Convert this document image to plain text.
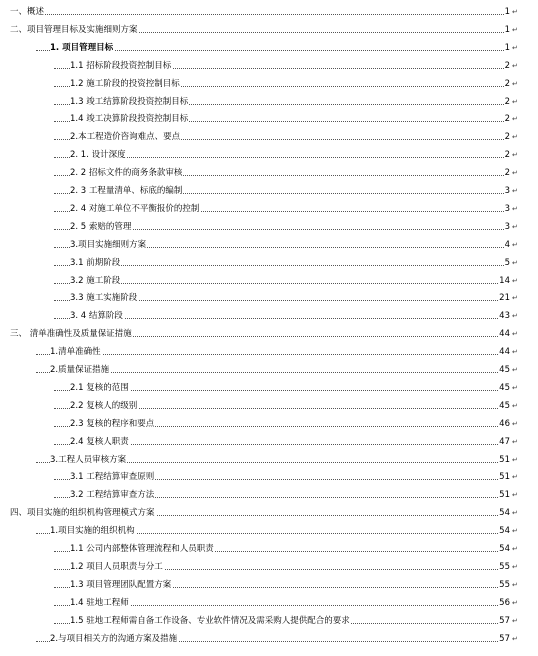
一、概述	1 ↵
二、项目管理目标及实施细则方案	1 ↵
1. 项目管理目标	1 ↵
1.1 招标阶段投资控制目标	2 ↵
1.2 施工阶段的投资控制目标	2 ↵
1.3 竣工结算阶段投资控制目标	2 ↵
1.4 竣工决算阶段投资控制目标	2 ↵
2.本工程造价咨询难点、要点	2 ↵
2. 1. 设计深度	2 ↵
2. 2 招标文件的商务条款审核	2 ↵
2. 3 工程量清单、标底的编制	3 ↵
2. 4 对施工单位不平衡报价的控制	3 ↵
2. 5 索赔的管理	3 ↵
3.项目实施细则方案	4 ↵
3.1 前期阶段	5 ↵
3.2 施工阶段	14 ↵
3.3 施工实施阶段	21 ↵
3. 4 结算阶段	43 ↵
三、 清单准确性及质量保证措施	44 ↵
1.清单准确性	44 ↵
2.质量保证措施	45 ↵
2.1 复核的范围	45 ↵
2.2 复核人的级别	45 ↵
2.3 复核的程序和要点	46 ↵
2.4 复核人职责	47 ↵
3.工程人员审核方案	51 ↵
3.1 工程结算审查原则	51 ↵
3.2 工程结算审查方法	51 ↵
四、项目实施的组织机构管理模式方案	54 ↵
1.项目实施的组织机构	54 ↵
1.1 公司内部整体管理流程和人员职责	54 ↵
1.2 项目人员职责与分工	55 ↵
1.3 项目管理团队配置方案	55 ↵
1.4 驻地工程师	56 ↵
1.5 驻地工程师需自备工作设备、专业软件情况及需采购人提供配合的要求	57 ↵
2.与项目相关方的沟通方案及措施	57 ↵
